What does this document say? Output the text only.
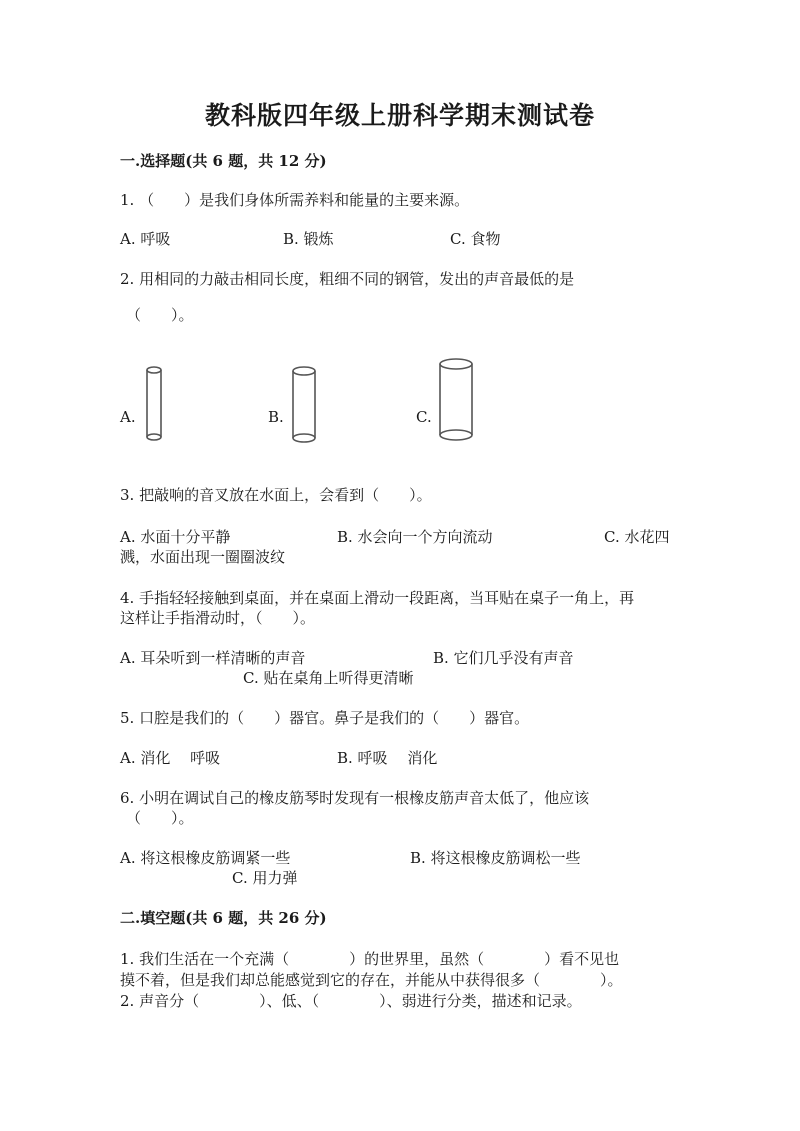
教科版四年级上册科学期末测试卷
一.选择题(共 6 题，共 12 分)
1. （　　）是我们身体所需养料和能量的主要来源。
A. 呼吸	B. 锻炼	C. 食物
2. 用相同的力敲击相同长度，粗细不同的钢管，发出的声音最低的是
（　　）。
A.	B.	C.
3. 把敲响的音叉放在水面上，会看到（　　）。
A. 水面十分平静	B. 水会向一个方向流动	C. 水花四
溅，水面出现一圈圈波纹
4. 手指轻轻接触到桌面，并在桌面上滑动一段距离，当耳贴在桌子一角上，再
这样让手指滑动时，（　　）。
A. 耳朵听到一样清晰的声音	B. 它们几乎没有声音
C. 贴在桌角上听得更清晰
5. 口腔是我们的（　　）器官。鼻子是我们的（　　）器官。
A. 消化　 呼吸	B. 呼吸　 消化
6. 小明在调试自己的橡皮筋琴时发现有一根橡皮筋声音太低了，他应该
（　　）。
A. 将这根橡皮筋调紧一些	B. 将这根橡皮筋调松一些
C. 用力弹
二.填空题(共 6 题，共 26 分)
1. 我们生活在一个充满（　　　　）的世界里，虽然（　　　　）看不见也
摸不着，但是我们却总能感觉到它的存在，并能从中获得很多（　　　　）。
2. 声音分（　　　　）、低、（　　　　）、弱进行分类，描述和记录。
